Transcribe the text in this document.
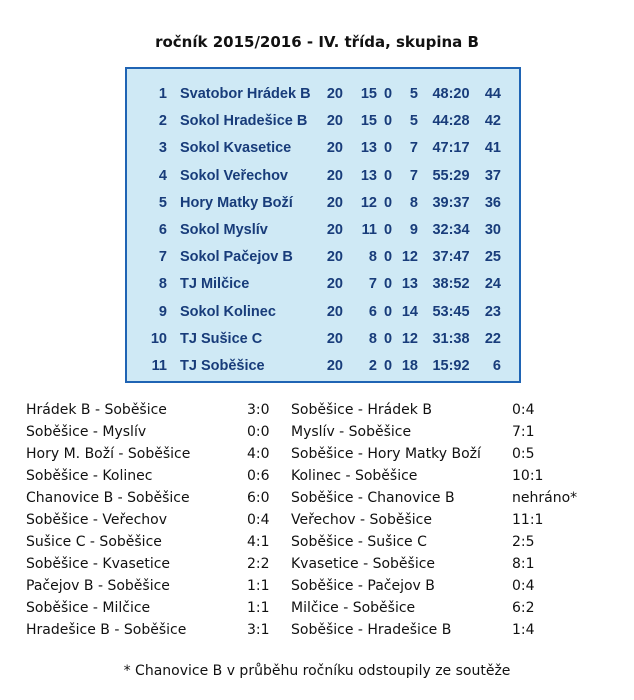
ročník 2015/2016 - IV. třída, skupina B
1 Svatobor Hrádek B	20	15 0	5 48:20	44
2 Sokol Hradešice B	20	15 0	5 44:28	42
3 Sokol Kvasetice	20	13 0	7 47:17	41
4 Sokol Veřechov	20	13 0	7 55:29	37
5 Hory Matky Boží	20	12 0	8 39:37	36
6 Sokol Myslív	20	11 0	9 32:34	30
7 Sokol Pačejov B	20	8 0 12 37:47	25
8 TJ Milčice	20	7 0 13 38:52	24
9 Sokol Kolinec	20	6 0 14 53:45	23
10 TJ Sušice C	20	8 0 12 31:38	22
11 TJ Soběšice	20	2 0 18 15:92	6
Hrádek B - Soběšice	3:0 Soběšice - Hrádek B	0:4
Soběšice - Myslív	0:0 Myslív - Soběšice	7:1
Hory M. Boží - Soběšice	4:0 Soběšice - Hory Matky Boží 0:5
Soběšice - Kolinec	0:6 Kolinec - Soběšice	10:1
Chanovice B - Soběšice	6:0 Soběšice - Chanovice B	nehráno*
Soběšice - Veřechov	0:4 Veřechov - Soběšice	11:1
Sušice C - Soběšice	4:1 Soběšice - Sušice C	2:5
Soběšice - Kvasetice	2:2 Kvasetice - Soběšice	8:1
Pačejov B - Soběšice	1:1 Soběšice - Pačejov B	0:4
Soběšice - Milčice	1:1 Milčice - Soběšice	6:2
Hradešice B - Soběšice	3:1 Soběšice - Hradešice B	1:4
* Chanovice B v průběhu ročníku odstoupily ze soutěže
